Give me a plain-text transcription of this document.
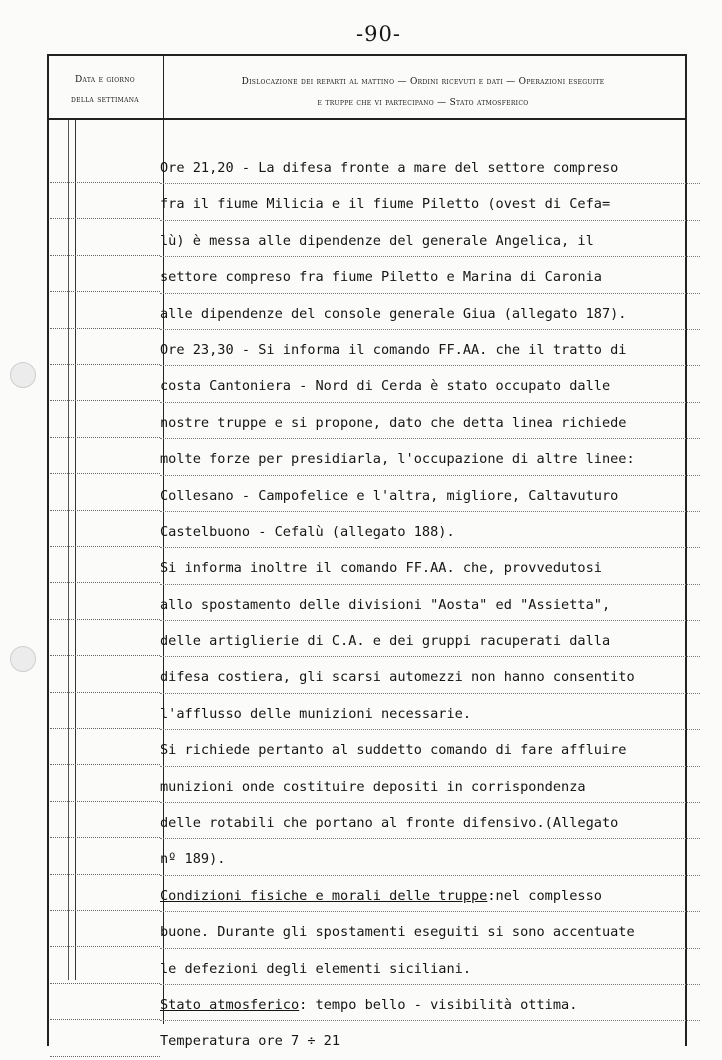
-90-
Data e giorno
della settimana
Dislocazione dei reparti al mattino — Ordini ricevuti e dati — Operazioni eseguite
e truppe che vi partecipano — Stato atmosferico
Ore 21,20 - La difesa fronte a mare del settore compreso
fra il fiume Milicia e il fiume Piletto (ovest di Cefa=
lù) è messa alle dipendenze del generale Angelica, il
settore compreso fra fiume Piletto e Marina di Caronia
alle dipendenze del console generale Giua (allegato 187).
Ore 23,30 - Si informa il comando FF.AA. che il tratto di
costa Cantoniera - Nord di Cerda è stato occupato dalle
nostre truppe e si propone, dato che detta linea richiede
molte forze per presidiarla, l'occupazione di altre linee:
Collesano - Campofelice e l'altra, migliore, Caltavuturo
Castelbuono - Cefalù (allegato 188).
Si informa inoltre il comando FF.AA. che, provvedutosi
allo spostamento delle divisioni "Aosta" ed "Assietta",
delle artiglierie di C.A. e dei gruppi racuperati dalla
difesa costiera, gli scarsi automezzi non hanno consentito
l'afflusso delle munizioni necessarie.
Si richiede pertanto al suddetto comando di fare affluire
munizioni onde costituire depositi in corrispondenza
delle rotabili che portano al fronte difensivo.(Allegato
nº 189).
Condizioni fisiche e morali delle truppe:nel complesso
buone. Durante gli spostamenti eseguiti si sono accentuate
le defezioni degli elementi siciliani.
Stato atmosferico: tempo bello - visibilità ottima.
Temperatura ore 7 ÷ 21
